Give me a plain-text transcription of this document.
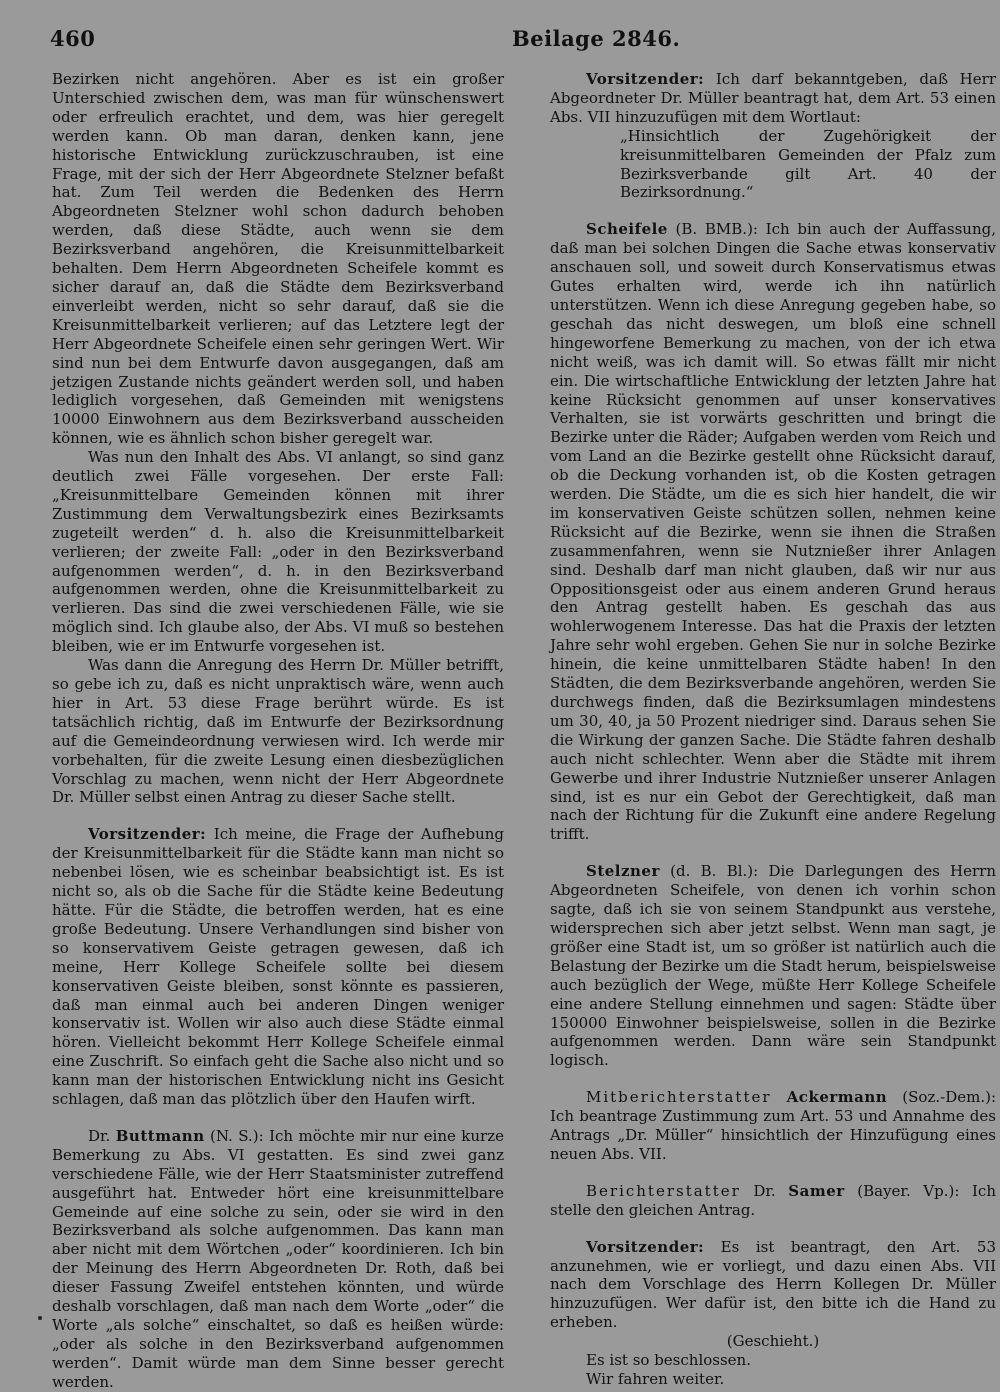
460	Beilage 2846.

Bezirken nicht angehören. Aber es ist ein großer Unterschied zwischen dem, was man für wünschenswert oder erfreulich erachtet, und dem, was hier geregelt werden kann. Ob man daran, denken kann, jene historische Entwicklung zurückzuschrauben, ist eine Frage, mit der sich der Herr Abgeordnete Stelzner befaßt hat. Zum Teil werden die Bedenken des Herrn Abgeordneten Stelzner wohl schon dadurch behoben werden, daß diese Städte, auch wenn sie dem Bezirksverband angehören, die Kreisunmittelbarkeit behalten. Dem Herrn Abgeordneten Scheifele kommt es sicher darauf an, daß die Städte dem Bezirksverband einverleibt werden, nicht so sehr darauf, daß sie die Kreisunmittelbarkeit verlieren; auf das Letztere legt der Herr Abgeordnete Scheifele einen sehr geringen Wert. Wir sind nun bei dem Entwurfe davon ausgegangen, daß am jetzigen Zustande nichts geändert werden soll, und haben lediglich vorgesehen, daß Gemeinden mit wenigstens 10000 Einwohnern aus dem Bezirksverband ausscheiden können, wie es ähnlich schon bisher geregelt war.

Was nun den Inhalt des Abs. VI anlangt, so sind ganz deutlich zwei Fälle vorgesehen. Der erste Fall: „Kreisunmittelbare Gemeinden können mit ihrer Zustimmung dem Verwaltungsbezirk eines Bezirksamts zugeteilt werden“ d. h. also die Kreisunmittelbarkeit verlieren; der zweite Fall: „oder in den Bezirksverband aufgenommen werden“, d. h. in den Bezirksverband aufgenommen werden, ohne die Kreisunmittelbarkeit zu verlieren. Das sind die zwei verschiedenen Fälle, wie sie möglich sind. Ich glaube also, der Abs. VI muß so bestehen bleiben, wie er im Entwurfe vorgesehen ist.

Was dann die Anregung des Herrn Dr. Müller betrifft, so gebe ich zu, daß es nicht unpraktisch wäre, wenn auch hier in Art. 53 diese Frage berührt würde. Es ist tatsächlich richtig, daß im Entwurfe der Bezirksordnung auf die Gemeindeordnung verwiesen wird. Ich werde mir vorbehalten, für die zweite Lesung einen diesbezüglichen Vorschlag zu machen, wenn nicht der Herr Abgeordnete Dr. Müller selbst einen Antrag zu dieser Sache stellt.

Vorsitzender: Ich meine, die Frage der Aufhebung der Kreisunmittelbarkeit für die Städte kann man nicht so nebenbei lösen, wie es scheinbar beabsichtigt ist. Es ist nicht so, als ob die Sache für die Städte keine Bedeutung hätte. Für die Städte, die betroffen werden, hat es eine große Bedeutung. Unsere Verhandlungen sind bisher von so konservativem Geiste getragen gewesen, daß ich meine, Herr Kollege Scheifele sollte bei diesem konservativen Geiste bleiben, sonst könnte es passieren, daß man einmal auch bei anderen Dingen weniger konservativ ist. Wollen wir also auch diese Städte einmal hören. Vielleicht bekommt Herr Kollege Scheifele einmal eine Zuschrift. So einfach geht die Sache also nicht und so kann man der historischen Entwicklung nicht ins Gesicht schlagen, daß man das plötzlich über den Haufen wirft.

Dr. Buttmann (N. S.): Ich möchte mir nur eine kurze Bemerkung zu Abs. VI gestatten. Es sind zwei ganz verschiedene Fälle, wie der Herr Staatsminister zutreffend ausgeführt hat. Entweder hört eine kreisunmittelbare Gemeinde auf eine solche zu sein, oder sie wird in den Bezirksverband als solche aufgenommen. Das kann man aber nicht mit dem Wörtchen „oder“ koordinieren. Ich bin der Meinung des Herrn Abgeordneten Dr. Roth, daß bei dieser Fassung Zweifel entstehen könnten, und würde deshalb vorschlagen, daß man nach dem Worte „oder“ die Worte „als solche“ einschaltet, so daß es heißen würde: „oder als solche in den Bezirksverband aufgenommen werden“. Damit würde man dem Sinne besser gerecht werden.

Vorsitzender: Ich darf bekanntgeben, daß Herr Abgeordneter Dr. Müller beantragt hat, dem Art. 53 einen Abs. VII hinzuzufügen mit dem Wortlaut:

„Hinsichtlich der Zugehörigkeit der kreisunmittelbaren Gemeinden der Pfalz zum Bezirksverbande gilt Art. 40 der Bezirksordnung.“

Scheifele (B. BMB.): Ich bin auch der Auffassung, daß man bei solchen Dingen die Sache etwas konservativ anschauen soll, und soweit durch Konservatismus etwas Gutes erhalten wird, werde ich ihn natürlich unterstützen. Wenn ich diese Anregung gegeben habe, so geschah das nicht deswegen, um bloß eine schnell hingeworfene Bemerkung zu machen, von der ich etwa nicht weiß, was ich damit will. So etwas fällt mir nicht ein. Die wirtschaftliche Entwicklung der letzten Jahre hat keine Rücksicht genommen auf unser konservatives Verhalten, sie ist vorwärts geschritten und bringt die Bezirke unter die Räder; Aufgaben werden vom Reich und vom Land an die Bezirke gestellt ohne Rücksicht darauf, ob die Deckung vorhanden ist, ob die Kosten getragen werden. Die Städte, um die es sich hier handelt, die wir im konservativen Geiste schützen sollen, nehmen keine Rücksicht auf die Bezirke, wenn sie ihnen die Straßen zusammenfahren, wenn sie Nutznießer ihrer Anlagen sind. Deshalb darf man nicht glauben, daß wir nur aus Oppositionsgeist oder aus einem anderen Grund heraus den Antrag gestellt haben. Es geschah das aus wohlerwogenem Interesse. Das hat die Praxis der letzten Jahre sehr wohl ergeben. Gehen Sie nur in solche Bezirke hinein, die keine unmittelbaren Städte haben! In den Städten, die dem Bezirksverbande angehören, werden Sie durchwegs finden, daß die Bezirksumlagen mindestens um 30, 40, ja 50 Prozent niedriger sind. Daraus sehen Sie die Wirkung der ganzen Sache. Die Städte fahren deshalb auch nicht schlechter. Wenn aber die Städte mit ihrem Gewerbe und ihrer Industrie Nutznießer unserer Anlagen sind, ist es nur ein Gebot der Gerechtigkeit, daß man nach der Richtung für die Zukunft eine andere Regelung trifft.

Stelzner (d. B. Bl.): Die Darlegungen des Herrn Abgeordneten Scheifele, von denen ich vorhin schon sagte, daß ich sie von seinem Standpunkt aus verstehe, widersprechen sich aber jetzt selbst. Wenn man sagt, je größer eine Stadt ist, um so größer ist natürlich auch die Belastung der Bezirke um die Stadt herum, beispielsweise auch bezüglich der Wege, müßte Herr Kollege Scheifele eine andere Stellung einnehmen und sagen: Städte über 150000 Einwohner beispielsweise, sollen in die Bezirke aufgenommen werden. Dann wäre sein Standpunkt logisch.

Mitberichterstatter Ackermann (Soz.-Dem.): Ich beantrage Zustimmung zum Art. 53 und Annahme des Antrags „Dr. Müller“ hinsichtlich der Hinzufügung eines neuen Abs. VII.

Berichterstatter Dr. Samer (Bayer. Vp.): Ich stelle den gleichen Antrag.

Vorsitzender: Es ist beantragt, den Art. 53 anzunehmen, wie er vorliegt, und dazu einen Abs. VII nach dem Vorschlage des Herrn Kollegen Dr. Müller hinzuzufügen. Wer dafür ist, den bitte ich die Hand zu erheben.

(Geschieht.)

Es ist so beschlossen.

Wir fahren weiter.
